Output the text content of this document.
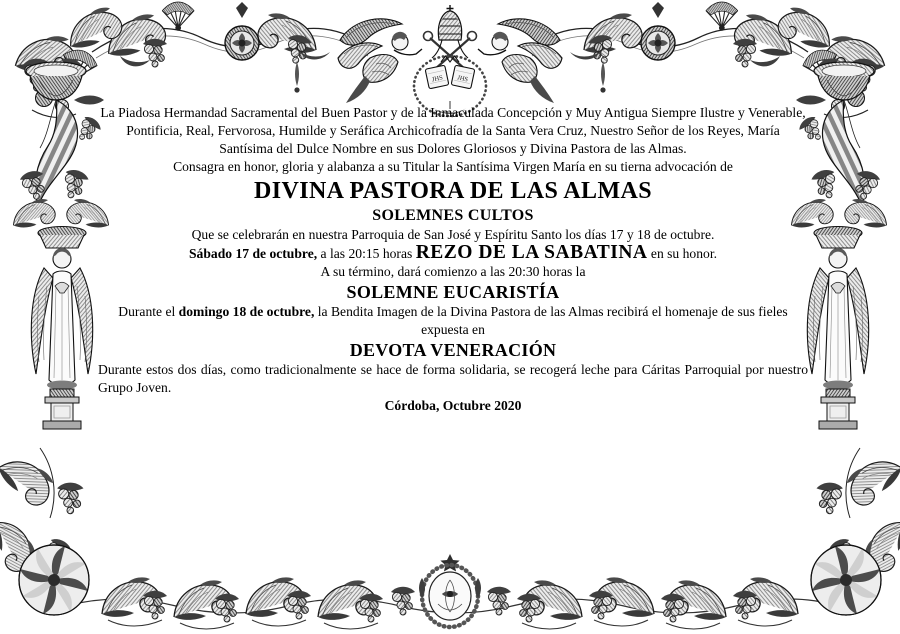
JHS JHS

La Piadosa Hermandad Sacramental del Buen Pastor y de la Inmaculada Concepción y Muy Antigua Siempre Ilustre y Venerable, Pontificia, Real, Fervorosa, Humilde y Seráfica Archicofradía de la Santa Vera Cruz, Nuestro Señor de los Reyes, María Santísima del Dulce Nombre en sus Dolores Gloriosos y Divina Pastora de las Almas.

Consagra en honor, gloria y alabanza a su Titular la Santísima Virgen María en su tierna advocación de

DIVINA PASTORA DE LAS ALMAS
SOLEMNES CULTOS

Que se celebrarán en nuestra Parroquia de San José y Espíritu Santo los días 17 y 18 de octubre.

Sábado 17 de octubre, a las 20:15 horas REZO DE LA SABATINA en su honor.

A su término, dará comienzo a las 20:30 horas la

SOLEMNE EUCARISTÍA

Durante el domingo 18 de octubre, la Bendita Imagen de la Divina Pastora de las Almas recibirá el homenaje de sus fieles expuesta en

DEVOTA VENERACIÓN

Durante estos dos días, como tradicionalmente se hace de forma solidaria, se recogerá leche para Cáritas Parroquial por nuestro Grupo Joven.

Córdoba, Octubre 2020
